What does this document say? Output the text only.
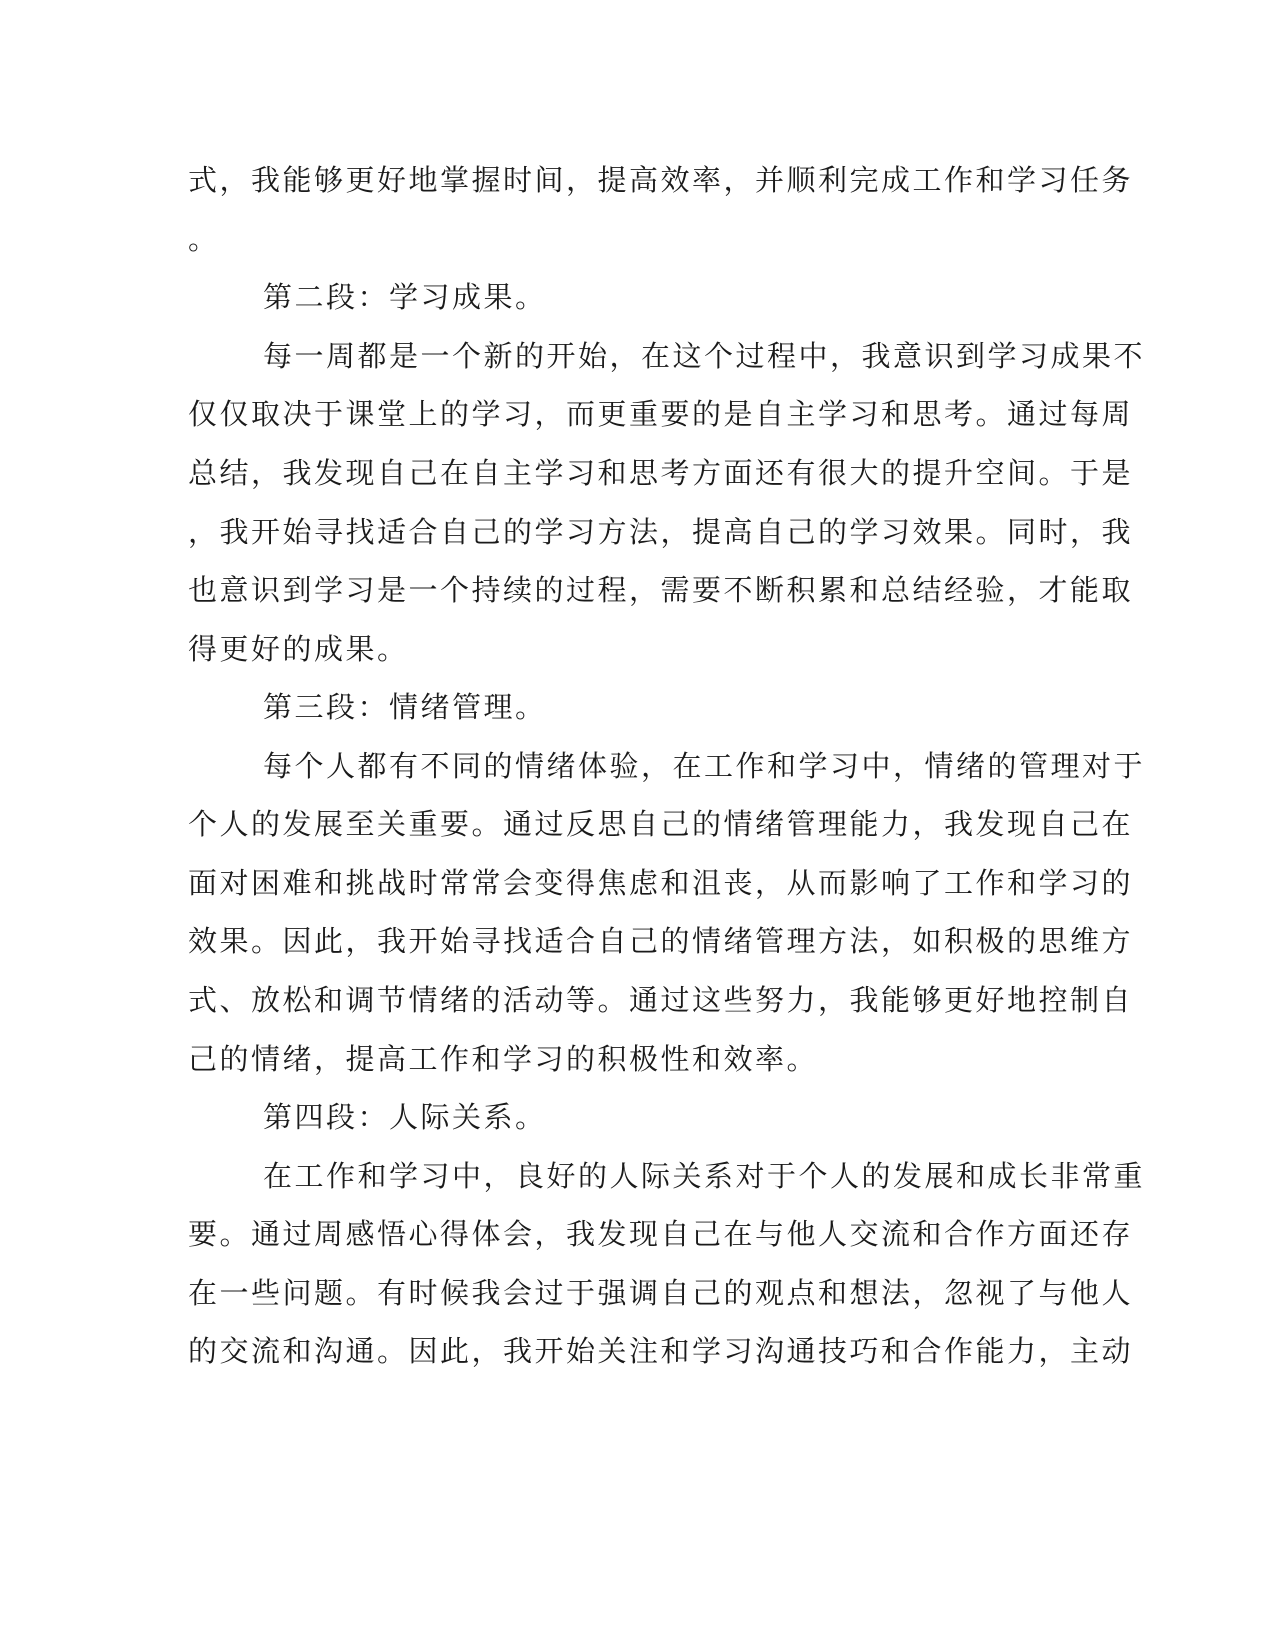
式，我能够更好地掌握时间，提高效率，并顺利完成工作和学习任务
。
第二段：学习成果。
每一周都是一个新的开始，在这个过程中，我意识到学习成果不
仅仅取决于课堂上的学习，而更重要的是自主学习和思考。通过每周
总结，我发现自己在自主学习和思考方面还有很大的提升空间。于是
，我开始寻找适合自己的学习方法，提高自己的学习效果。同时，我
也意识到学习是一个持续的过程，需要不断积累和总结经验，才能取
得更好的成果。
第三段：情绪管理。
每个人都有不同的情绪体验，在工作和学习中，情绪的管理对于
个人的发展至关重要。通过反思自己的情绪管理能力，我发现自己在
面对困难和挑战时常常会变得焦虑和沮丧，从而影响了工作和学习的
效果。因此，我开始寻找适合自己的情绪管理方法，如积极的思维方
式、放松和调节情绪的活动等。通过这些努力，我能够更好地控制自
己的情绪，提高工作和学习的积极性和效率。
第四段：人际关系。
在工作和学习中，良好的人际关系对于个人的发展和成长非常重
要。通过周感悟心得体会，我发现自己在与他人交流和合作方面还存
在一些问题。有时候我会过于强调自己的观点和想法，忽视了与他人
的交流和沟通。因此，我开始关注和学习沟通技巧和合作能力，主动
